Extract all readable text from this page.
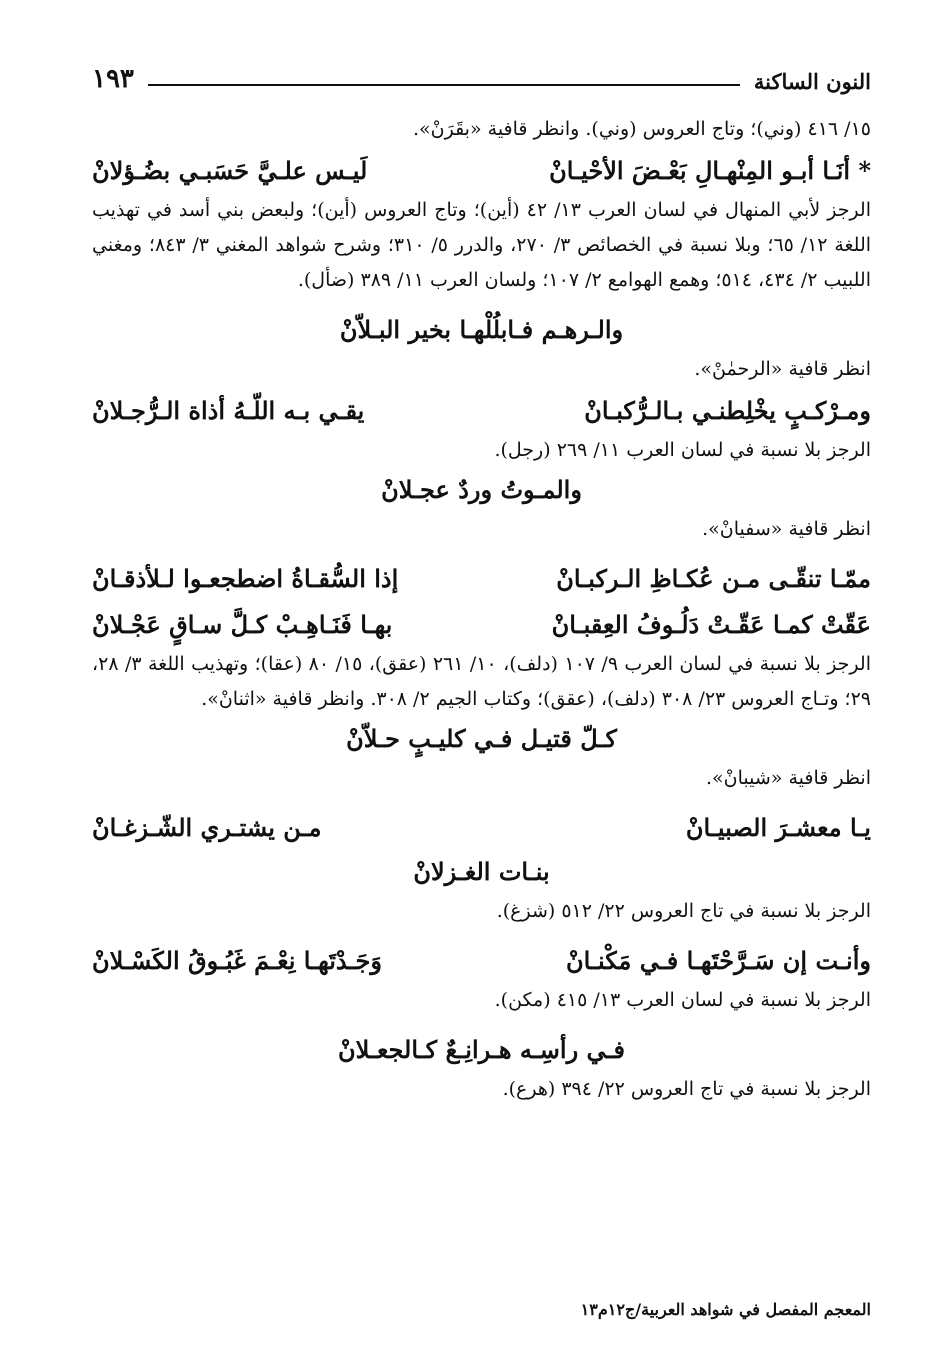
١٩٣	النون الساكنة

١٥/ ٤١٦ (وني)؛ وتاج العروس (وني). وانظر قافية «بقَرَنْ».

* أنَـا أبـو المِنْهـالِ بَعْـضَ الأحْيـانْ
لَيـس علـيَّ حَسَبـي بضُـؤلانْ

الرجز لأبي المنهال في لسان العرب ١٣/ ٤٢ (أين)؛ وتاج العروس (أين)؛ ولبعض بني أسد في تهذيب اللغة ١٢/ ٦٥؛ وبلا نسبة في الخصائص ٣/ ٢٧٠، والدرر ٥/ ٣١٠؛ وشرح شواهد المغني ٣/ ٨٤٣؛ ومغني اللبيب ٢/ ٤٣٤، ٥١٤؛ وهمع الهوامع ٢/ ١٠٧؛ ولسان العرب ١١/ ٣٨٩ (ضأل).

والـرهـم فـابلُلْهـا بخير البـلاّنْ

انظر قافية «الرحمٰنْ».

ومـرْكـبٍ يخْلِطنـي بـالـرُّكبـانْ
يقـي بـه اللّـهُ أذاة الـرُّجـلانْ

الرجز بلا نسبة في لسان العرب ١١/ ٢٦٩ (رجل).

والمـوتُ وردٌ عجـلانْ

انظر قافية «سفيانْ».

ممّـا تنقّـى مـن عُكـاظِ الـركبـانْ
إذا السُّقـاةُ اضطجعـوا لـلأذقـانْ
عَقّتْ كمـا عَقّـتْ دَلُـوفُ العِقبـانْ
بهـا فَنَـاهِـبْ كـلَّ سـاقٍ عَجْـلانْ

الرجز بلا نسبة في لسان العرب ٩/ ١٠٧ (دلف)، ١٠/ ٢٦١ (عقق)، ١٥/ ٨٠ (عقا)؛ وتهذيب اللغة ٣/ ٢٨، ٢٩؛ وتـاج العروس ٢٣/ ٣٠٨ (دلف)، (عقق)؛ وكتاب الجيم ٢/ ٣٠٨. وانظر قافية «اثنانْ».

كـلّ قتيـل فـي كليـبٍ حـلاّنْ

انظر قافية «شيبانْ».

يـا معشـرَ الصبيـانْ
مـن يشتـري الشّـزغـانْ
بنـات الغـزلانْ

الرجز بلا نسبة في تاج العروس ٢٢/ ٥١٢ (شزغ).

وأنـت إن سَـرَّحْتَهـا فـي مَكْنـانْ
وَجَـدْتَهـا نِعْـمَ غَبُـوقُ الكَسْـلانْ

الرجز بلا نسبة في لسان العرب ١٣/ ٤١٥ (مكن).

فـي رأسِـه هـرانِـعٌ كـالجعـلانْ

الرجز بلا نسبة في تاج العروس ٢٢/ ٣٩٤ (هرع).

المعجم المفصل في شواهد العربية/ج١٢م١٣
